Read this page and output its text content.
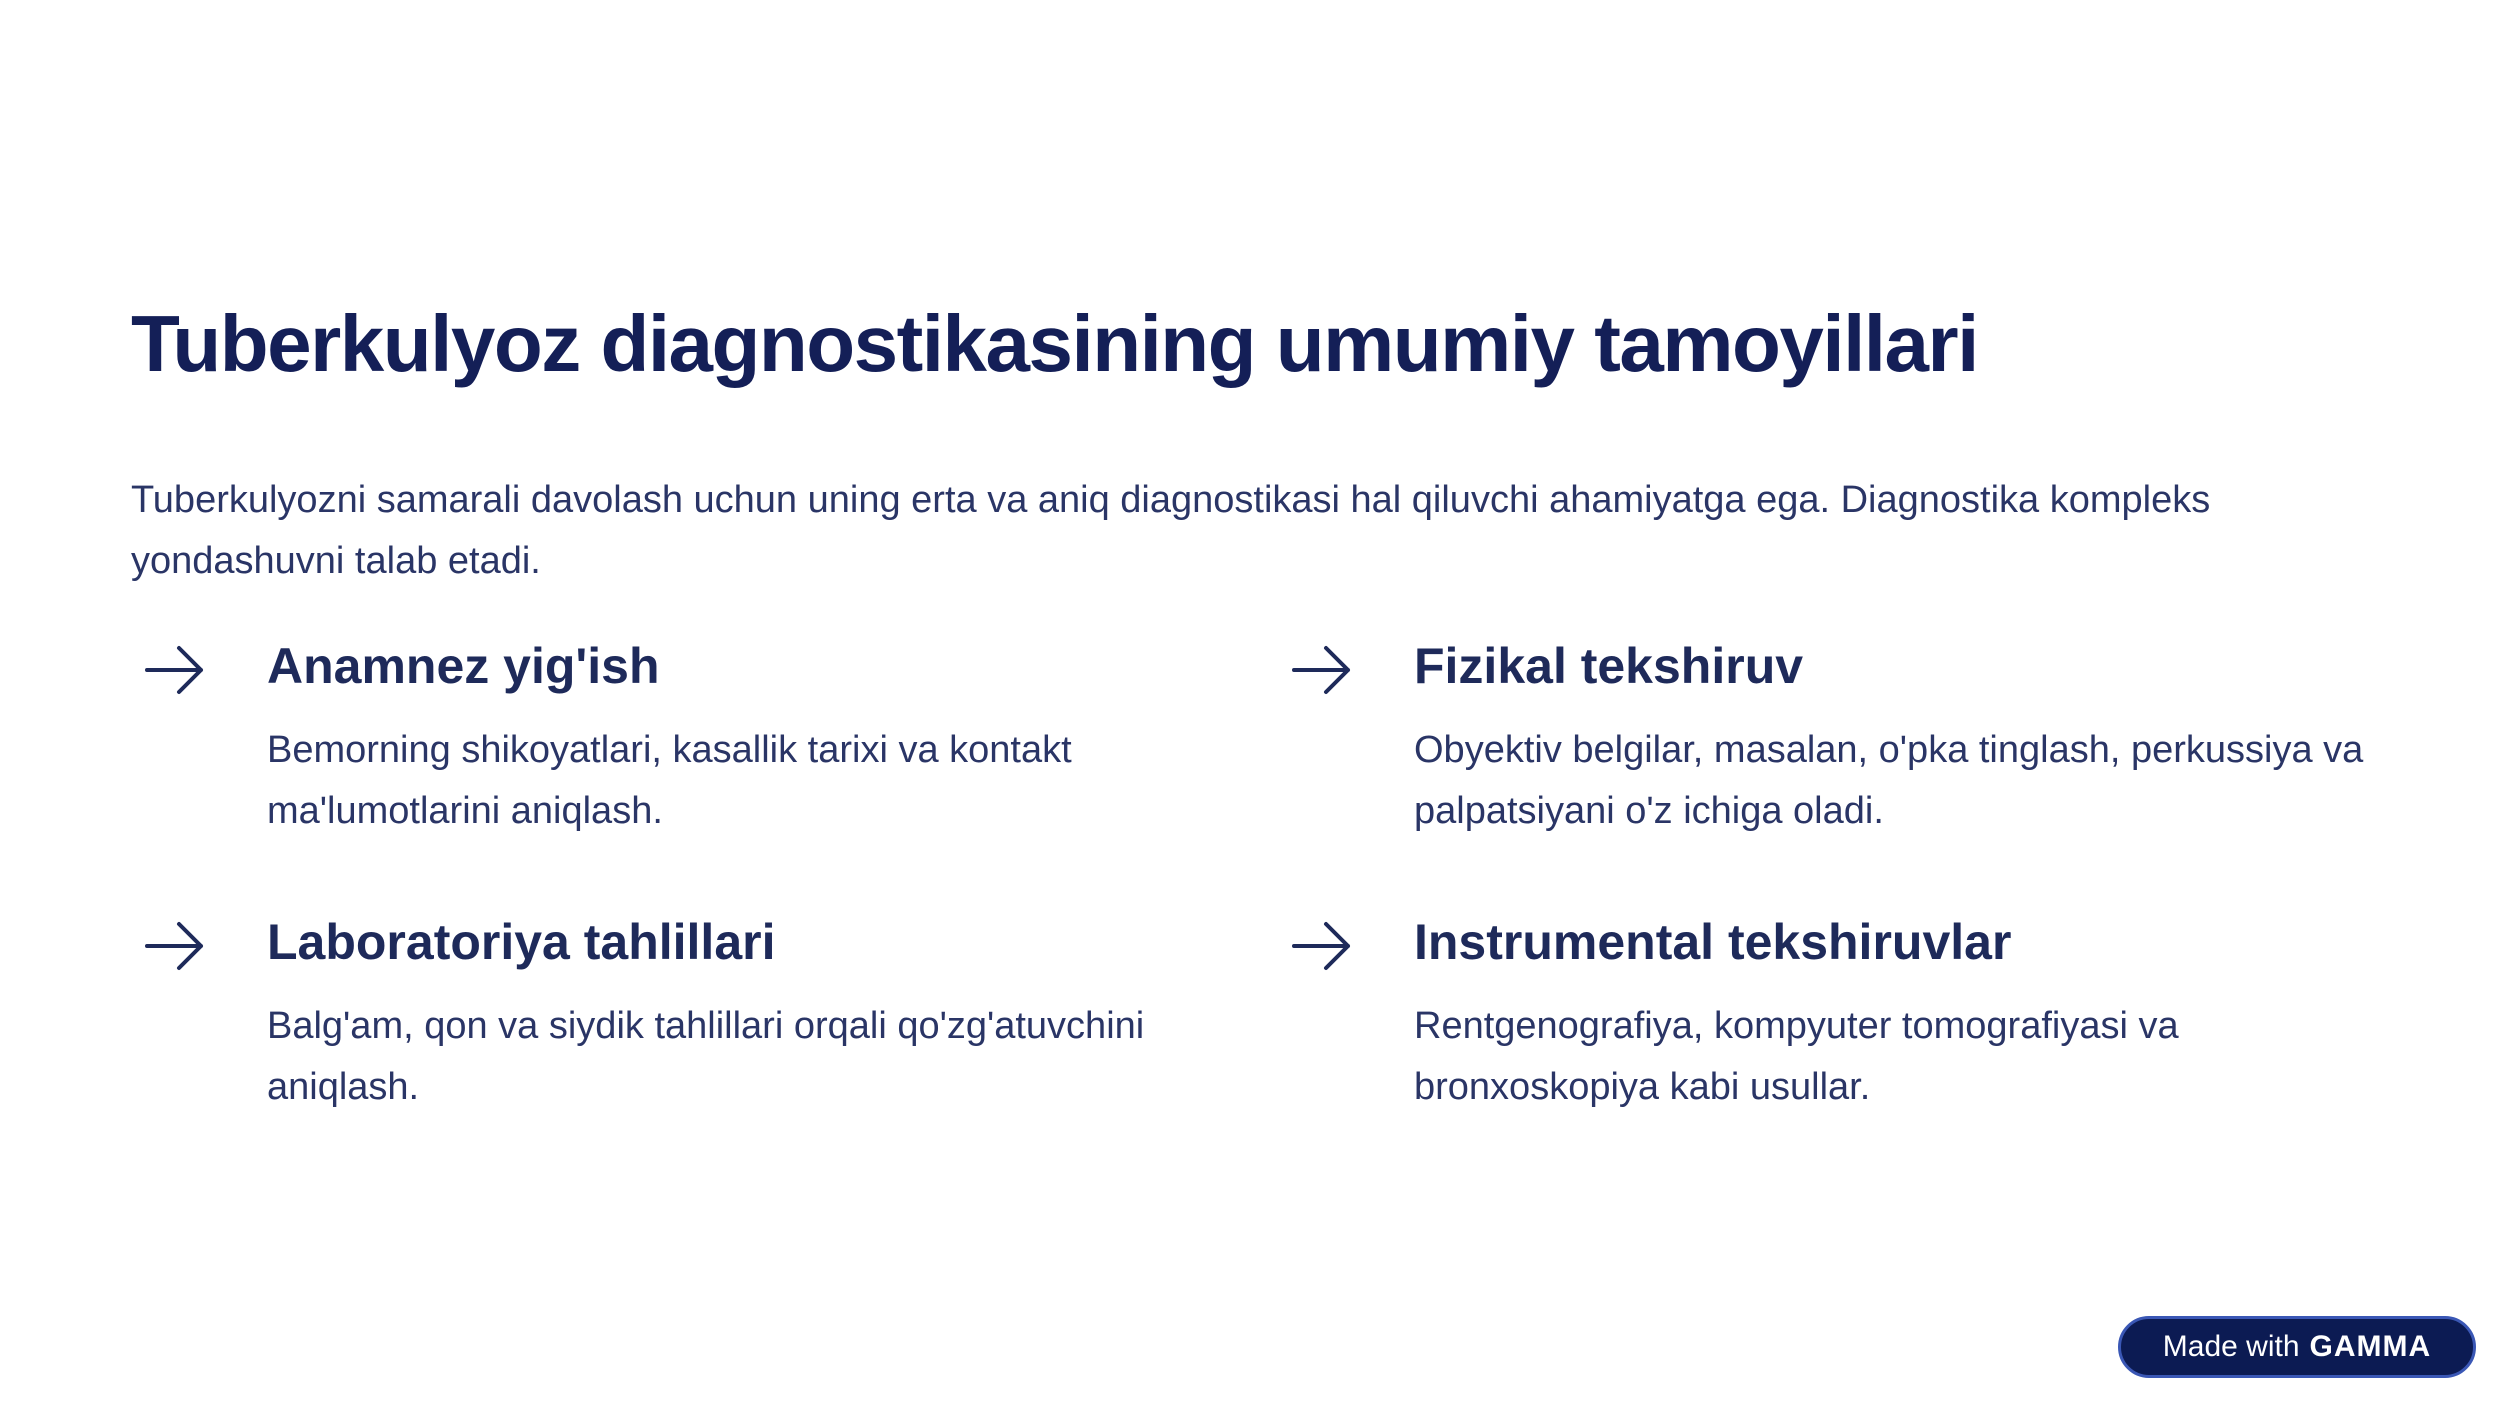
Tuberkulyoz diagnostikasining umumiy tamoyillari

Tuberkulyozni samarali davolash uchun uning erta va aniq diagnostikasi hal qiluvchi ahamiyatga ega. Diagnostika kompleks yondashuvni talab etadi.

Anamnez yig'ish

Bemorning shikoyatlari, kasallik tarixi va kontakt ma'lumotlarini aniqlash.

Fizikal tekshiruv

Obyektiv belgilar, masalan, o'pka tinglash, perkussiya va palpatsiyani o'z ichiga oladi.

Laboratoriya tahlillari

Balg'am, qon va siydik tahlillari orqali qo'zg'atuvchini aniqlash.

Instrumental tekshiruvlar

Rentgenografiya, kompyuter tomografiyasi va bronxoskopiya kabi usullar.

Made with GAMMA
